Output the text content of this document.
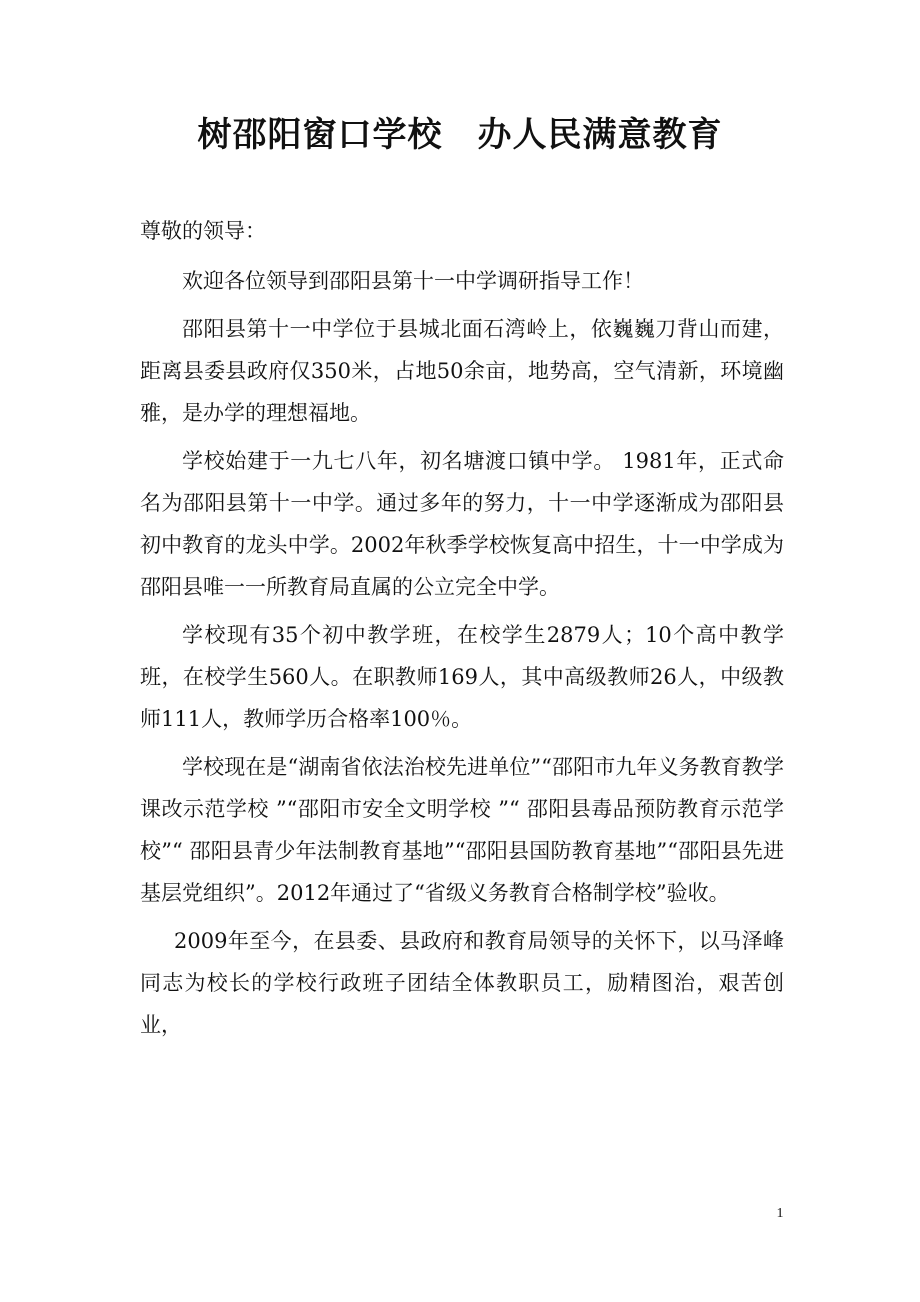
树邵阳窗口学校　办人民满意教育

尊敬的领导：

欢迎各位领导到邵阳县第十一中学调研指导工作！

邵阳县第十一中学位于县城北面石湾岭上，依巍巍刀背山而建，距离县委县政府仅350米，占地50余亩，地势高，空气清新，环境幽雅，是办学的理想福地。

学校始建于一九七八年，初名塘渡口镇中学。 1981年，正式命名为邵阳县第十一中学。通过多年的努力，十一中学逐渐成为邵阳县初中教育的龙头中学。2002年秋季学校恢复高中招生，十一中学成为邵阳县唯一一所教育局直属的公立完全中学。

学校现有35个初中教学班，在校学生2879人；10个高中教学班，在校学生560人。在职教师169人，其中高级教师26人，中级教师111人，教师学历合格率100％。

学校现在是“湖南省依法治校先进单位”“邵阳市九年义务教育教学课改示范学校 ”“邵阳市安全文明学校 ”“ 邵阳县毒品预防教育示范学校”“ 邵阳县青少年法制教育基地”“邵阳县国防教育基地”“邵阳县先进基层党组织”。2012年通过了“省级义务教育合格制学校”验收。

2009年至今，在县委、县政府和教育局领导的关怀下，以马泽峰同志为校长的学校行政班子团结全体教职员工，励精图治，艰苦创业，

1
